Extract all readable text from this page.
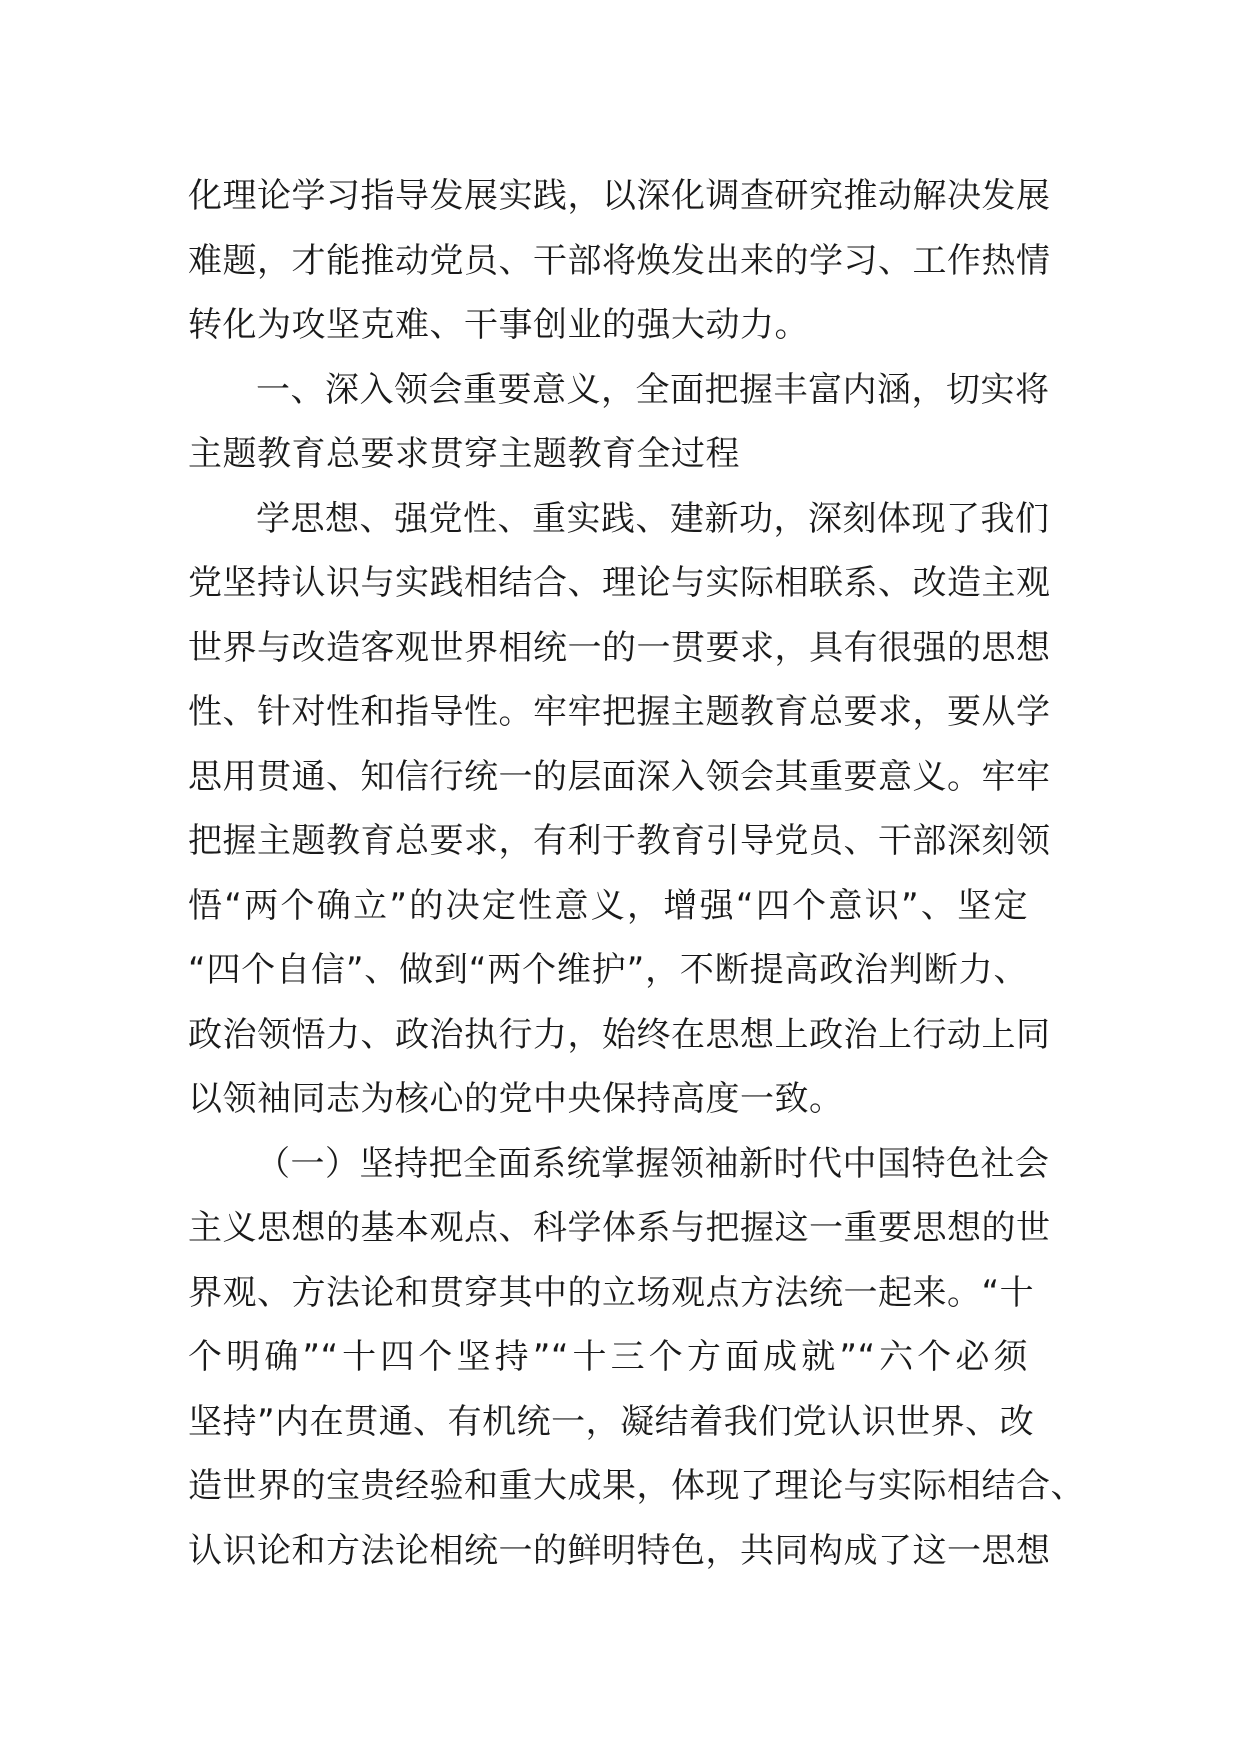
化理论学习指导发展实践，以深化调查研究推动解决发展
难题，才能推动党员、干部将焕发出来的学习、工作热情
转化为攻坚克难、干事创业的强大动力。
一、深入领会重要意义，全面把握丰富内涵，切实将
主题教育总要求贯穿主题教育全过程
学思想、强党性、重实践、建新功，深刻体现了我们
党坚持认识与实践相结合、理论与实际相联系、改造主观
世界与改造客观世界相统一的一贯要求，具有很强的思想
性、针对性和指导性。牢牢把握主题教育总要求，要从学
思用贯通、知信行统一的层面深入领会其重要意义。牢牢
把握主题教育总要求，有利于教育引导党员、干部深刻领
悟“两个确立”的决定性意义，增强“四个意识”、坚定
“四个自信”、做到“两个维护”，不断提高政治判断力、
政治领悟力、政治执行力，始终在思想上政治上行动上同
以领袖同志为核心的党中央保持高度一致。
（一）坚持把全面系统掌握领袖新时代中国特色社会
主义思想的基本观点、科学体系与把握这一重要思想的世
界观、方法论和贯穿其中的立场观点方法统一起来。“十
个明确”“十四个坚持”“十三个方面成就”“六个必须
坚持”内在贯通、有机统一，凝结着我们党认识世界、改
造世界的宝贵经验和重大成果，体现了理论与实际相结合、
认识论和方法论相统一的鲜明特色，共同构成了这一思想
